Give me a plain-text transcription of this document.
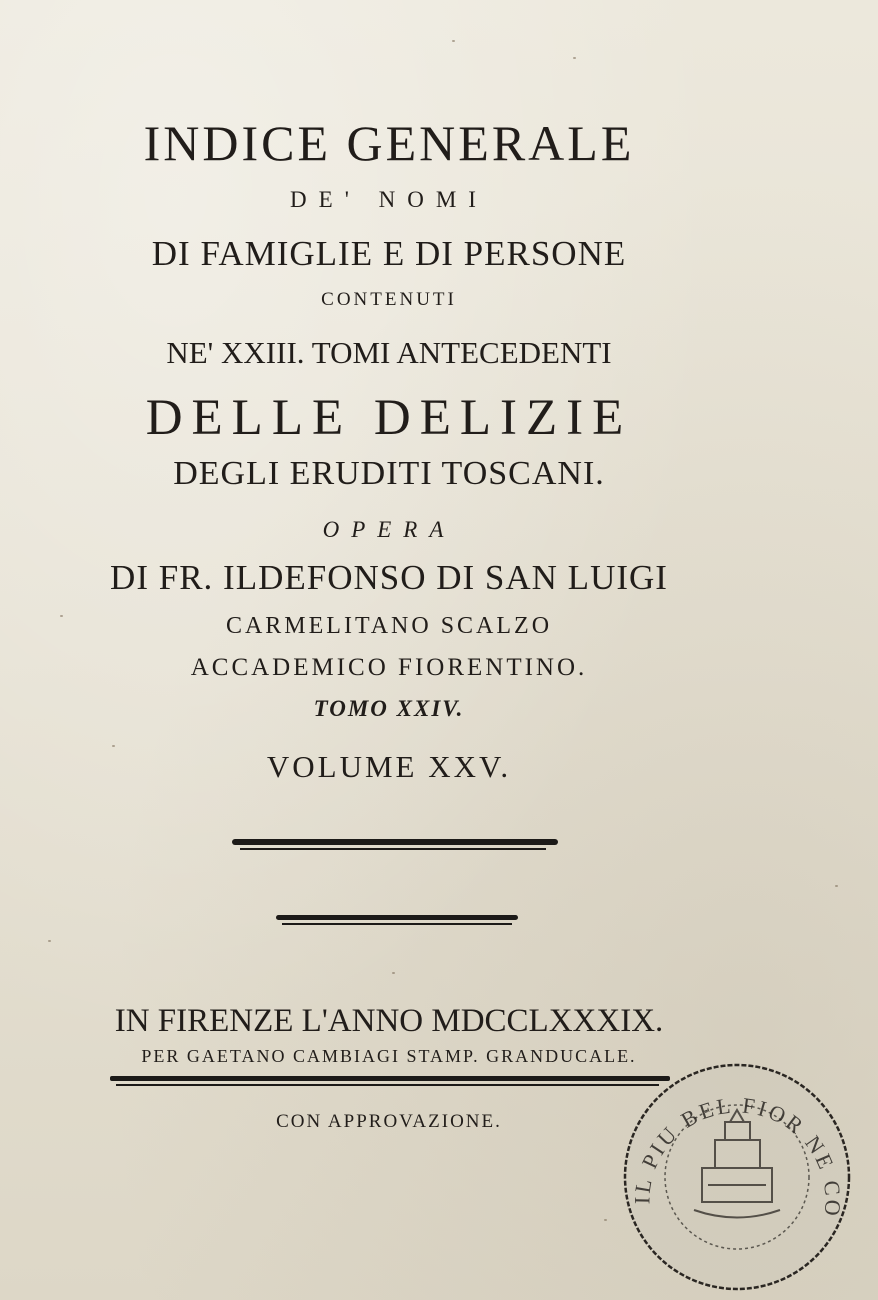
INDICE GENERALE
DE' NOMI
DI FAMIGLIE E DI PERSONE
CONTENUTI
NE' XXIII. TOMI ANTECEDENTI
DELLE DELIZIE
DEGLI ERUDITI TOSCANI.
OPERA
DI FR. ILDEFONSO DI SAN LUIGI
CARMELITANO SCALZO
ACCADEMICO FIORENTINO.
TOMO XXIV.
VOLUME XXV.
IN FIRENZE L'ANNO MDCCLXXXIX.
PER GAETANO CAMBIAGI STAMP. GRANDUCALE.
CON APPROVAZIONE.
IL PIU BEL FIOR NE CO
